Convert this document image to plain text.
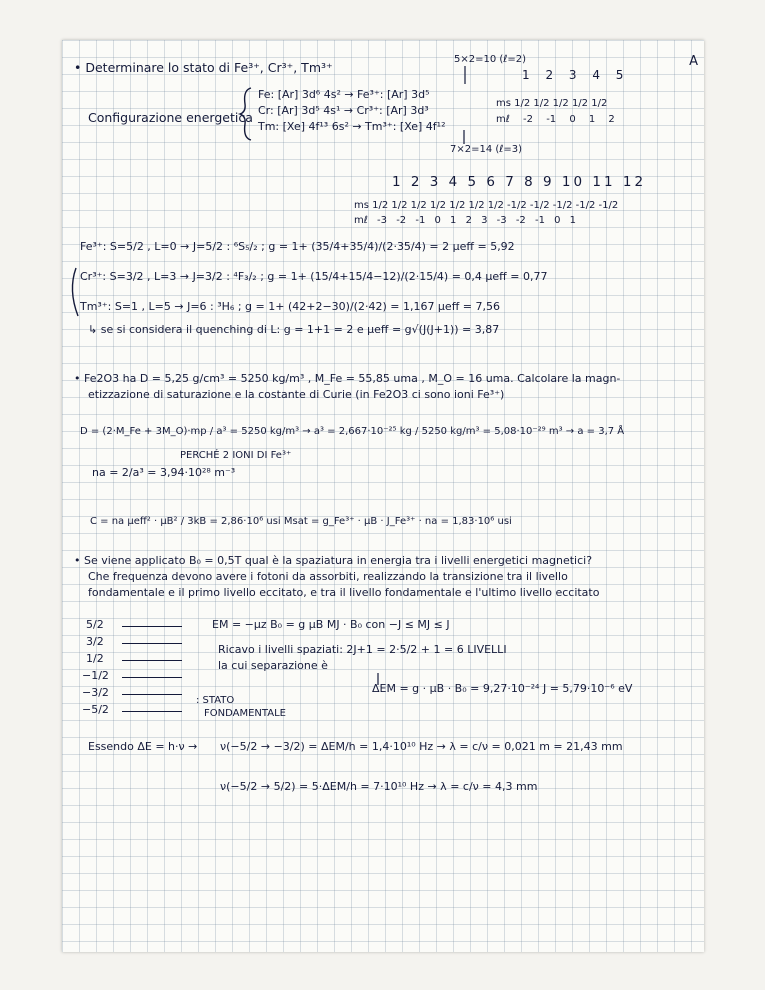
A
• Determinare lo stato di Fe³⁺, Cr³⁺, Tm³⁺
5×2=10 (ℓ=2)
1 2 3 4 5
Configurazione energetica
Fe: [Ar] 3d⁶ 4s² → Fe³⁺: [Ar] 3d⁵
Cr: [Ar] 3d⁵ 4s¹ → Cr³⁺: [Ar] 3d³
Tm: [Xe] 4f¹³ 6s² → Tm³⁺: [Xe] 4f¹²
ms 1/2 1/2 1/2 1/2 1/2
mℓ -2 -1 0 1 2
7×2=14 (ℓ=3)
1 2 3 4 5 6 7 8 9 10 11 12
ms 1/2 1/2 1/2 1/2 1/2 1/2 1/2 -1/2 -1/2 -1/2 -1/2 -1/2
mℓ -3 -2 -1 0 1 2 3 -3 -2 -1 0 1
Fe³⁺: S=5/2 , L=0 → J=5/2 : ⁶S₅/₂ ; g = 1+ (35/4+35/4)/(2·35/4) = 2 μeff = 5,92
Cr³⁺: S=3/2 , L=3 → J=3/2 : ⁴F₃/₂ ; g = 1+ (15/4+15/4−12)/(2·15/4) = 0,4 μeff = 0,77
Tm³⁺: S=1 , L=5 → J=6 : ³H₆ ; g = 1+ (42+2−30)/(2·42) = 1,167 μeff = 7,56
↳ se si considera il quenching di L: g = 1+1 = 2 e μeff = g√(J(J+1)) = 3,87
• Fe2O3 ha D = 5,25 g/cm³ = 5250 kg/m³ , M_Fe = 55,85 uma , M_O = 16 uma. Calcolare la magn-
etizzazione di saturazione e la costante di Curie (in Fe2O3 ci sono ioni Fe³⁺)
D = (2·M_Fe + 3M_O)·mp / a³ = 5250 kg/m³ → a³ = 2,667·10⁻²⁵ kg / 5250 kg/m³ = 5,08·10⁻²⁹ m³ → a = 3,7 Å
PERCHÉ 2 IONI DI Fe³⁺
na = 2/a³ = 3,94·10²⁸ m⁻³
C = na μeff² · μB² / 3kB = 2,86·10⁶ usi Msat = g_Fe³⁺ · μB · J_Fe³⁺ · na = 1,83·10⁶ usi
• Se viene applicato B₀ = 0,5T qual è la spaziatura in energia tra i livelli energetici magnetici?
Che frequenza devono avere i fotoni da assorbiti, realizzando la transizione tra il livello
fondamentale e il primo livello eccitato, e tra il livello fondamentale e l'ultimo livello eccitato
5/2
3/2
1/2
−1/2
−3/2
−5/2
EM = −μz B₀ = g μB MJ · B₀ con −J ≤ MJ ≤ J
Ricavo i livelli spaziati: 2J+1 = 2·5/2 + 1 = 6 LIVELLI
la cui separazione è
ΔEM = g · μB · B₀ = 9,27·10⁻²⁴ J = 5,79·10⁻⁶ eV
: STATO
FONDAMENTALE
Essendo ΔE = h·ν → ν(−5/2 → −3/2) = ΔEM/h = 1,4·10¹⁰ Hz → λ = c/ν = 0,021 m = 21,43 mm
ν(−5/2 → 5/2) = 5·ΔEM/h = 7·10¹⁰ Hz → λ = c/ν = 4,3 mm
